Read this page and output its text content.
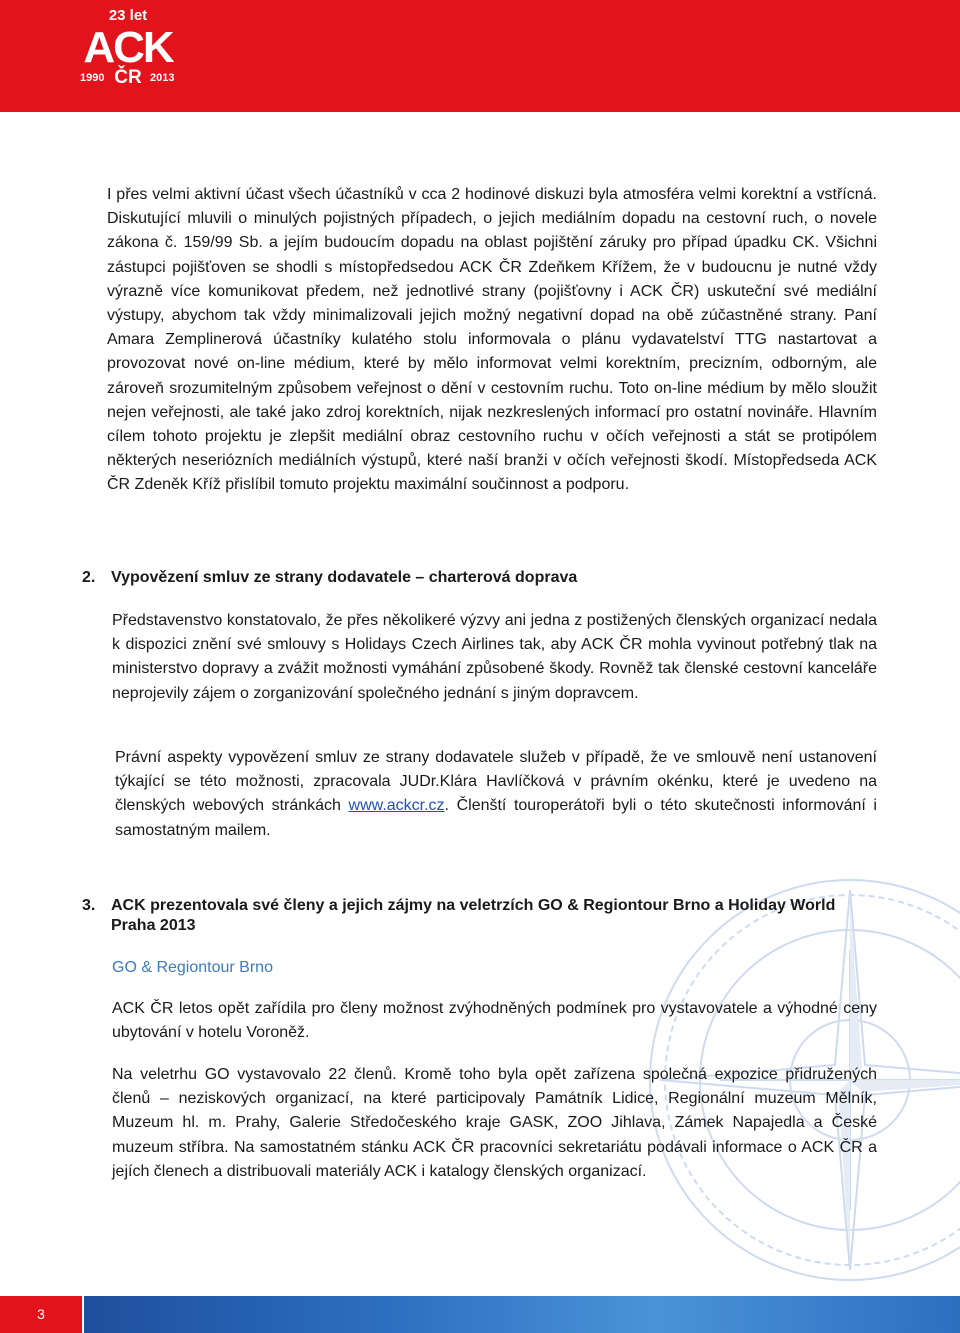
23 let
ACK
1990 ČR 2013

I přes velmi aktivní účast všech účastníků v cca 2 hodinové diskuzi byla atmosféra velmi korektní a vstřícná. Diskutující mluvili o minulých pojistných případech, o jejich mediálním dopadu na cestovní ruch, o novele zákona č. 159/99 Sb. a jejím budoucím dopadu na oblast pojištění záruky pro případ úpadku CK. Všichni zástupci pojišťoven se shodli s místopředsedou ACK ČR Zdeňkem Křížem, že v budoucnu je nutné vždy výrazně více komunikovat předem, než jednotlivé strany (pojišťovny i ACK ČR) uskuteční své mediální výstupy, abychom tak vždy minimalizovali jejich možný negativní dopad na obě zúčastněné strany. Paní Amara Zemplinerová účastníky kulatého stolu informovala o plánu vydavatelství TTG nastartovat a provozovat nové on-line médium, které by mělo informovat velmi korektním, precizním, odborným, ale zároveň srozumitelným způsobem veřejnost o dění v cestovním ruchu. Toto on-line médium by mělo sloužit nejen veřejnosti, ale také jako zdroj korektních, nijak nezkreslených informací pro ostatní novináře. Hlavním cílem tohoto projektu je zlepšit mediální obraz cestovního ruchu v očích veřejnosti a stát se protipólem některých neseriózních mediálních výstupů, které naší branži v očích veřejnosti škodí. Místopředseda ACK ČR Zdeněk Kříž přislíbil tomuto projektu maximální součinnost a podporu.

2. Vypovězení smluv ze strany dodavatele – charterová doprava

Představenstvo konstatovalo, že přes několikeré výzvy ani jedna z postižených členských organizací nedala k dispozici znění své smlouvy s Holidays Czech Airlines tak, aby ACK ČR mohla vyvinout potřebný tlak na ministerstvo dopravy a zvážit možnosti vymáhání způsobené škody. Rovněž tak členské cestovní kanceláře neprojevily zájem o zorganizování společného jednání s jiným dopravcem.

Právní aspekty vypovězení smluv ze strany dodavatele služeb v případě, že ve smlouvě není ustanovení týkající se této možnosti, zpracovala JUDr.Klára Havlíčková v právním okénku, které je uvedeno na členských webových stránkách www.ackcr.cz. Členští touroperátoři byli o této skutečnosti informování i samostatným mailem.

3. ACK prezentovala své členy a jejich zájmy na veletrzích GO & Regiontour Brno a Holiday World Praha 2013
GO & Regiontour Brno

ACK ČR letos opět zařídila pro členy možnost zvýhodněných podmínek pro vystavovatele a výhodné ceny ubytování v hotelu Voroněž.

Na veletrhu GO vystavovalo 22 členů. Kromě toho byla opět zařízena společná expozice přidružených členů – neziskových organizací, na které participovaly Památník Lidice, Regionální muzeum Mělník, Muzeum hl. m. Prahy, Galerie Středočeského kraje GASK, ZOO Jihlava, Zámek Napajedla a České muzeum stříbra. Na samostatném stánku ACK ČR pracovníci sekretariátu podávali informace o ACK ČR a jejích členech a distribuovali materiály ACK i katalogy členských organizací.

3
